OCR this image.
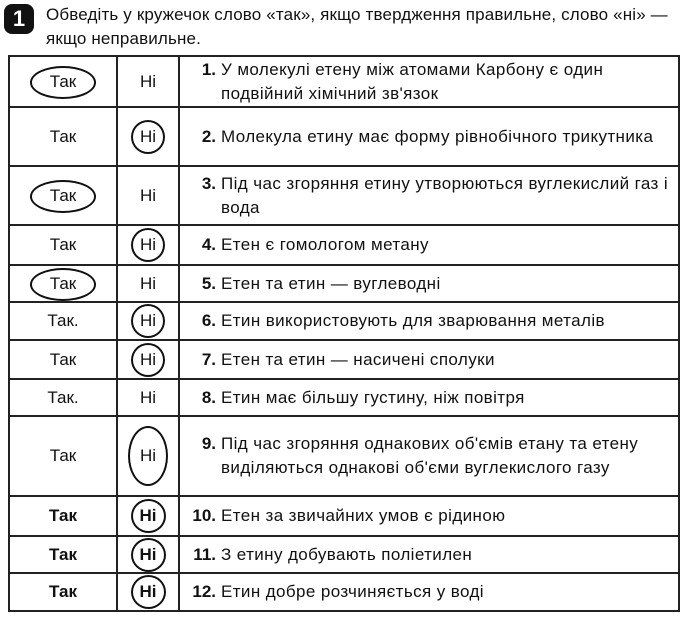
1	Обведіть у кружечок слово «так», якщо твердження правильне, слово «ні» — якщо неправильне.
Так	Ні	1. У молекулі етену між атомами Карбону є один подвійний хімічний зв'язок

Так	Ні	2. Молекула етину має форму рівнобічного трикутника

Так	Ні	3. Під час згоряння етину утворюються вуглекислий газ і вода

Так	Ні	4. Етен є гомологом метану

Так	Ні	5. Етен та етин — вуглеводні

Так.	Ні	6. Етин використовують для зварювання металів

Так	Ні	7. Етен та етин — насичені сполуки

Так.	Ні	8. Етин має більшу густину, ніж повітря

Так	Ні	9. Під час згоряння однакових об'ємів етану та етену виділяються однакові об'єми вуглекислого газу

Так	Ні	10. Етен за звичайних умов є рідиною

Так	Ні	11. З етину добувають поліетилен

Так	Ні	12. Етин добре розчиняється у воді
